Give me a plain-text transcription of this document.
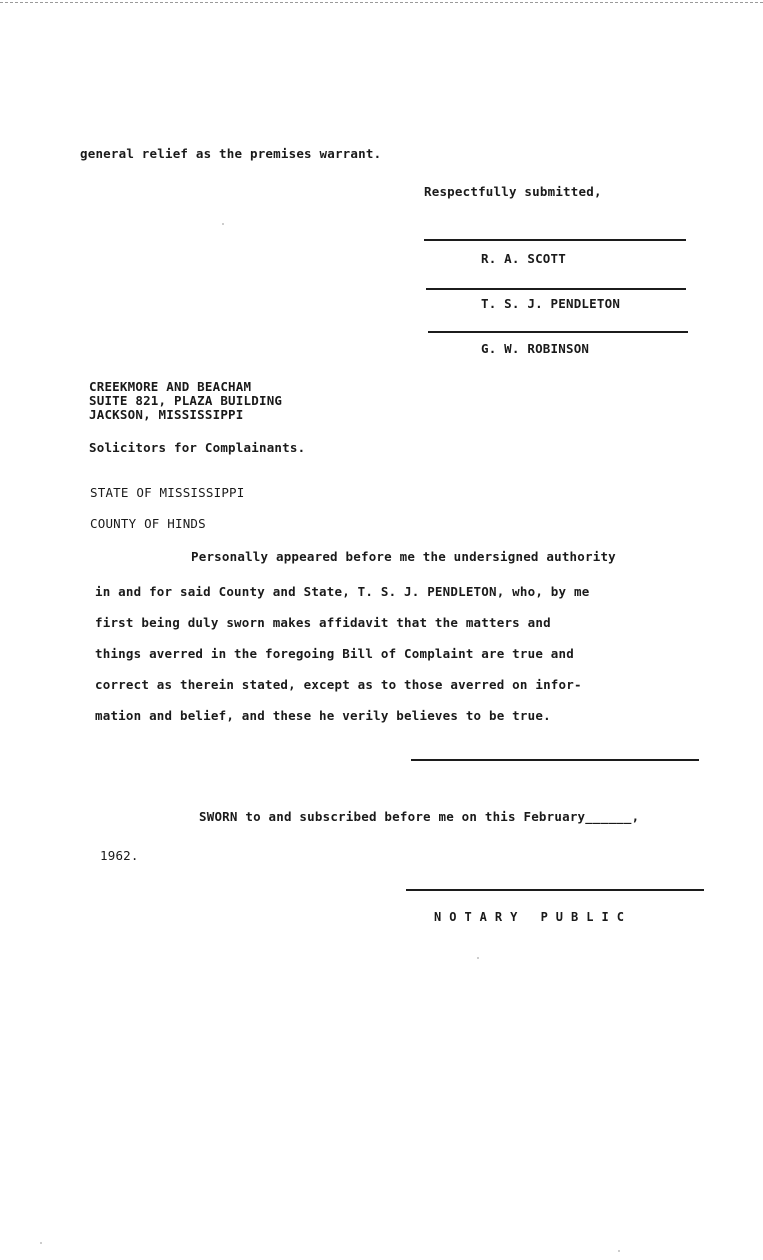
general relief as the premises warrant.
Respectfully submitted,
R. A. SCOTT
T. S. J. PENDLETON
G. W. ROBINSON
CREEKMORE AND BEACHAM
SUITE 821, PLAZA BUILDING
JACKSON, MISSISSIPPI
Solicitors for Complainants.
STATE OF MISSISSIPPI
COUNTY OF HINDS
Personally appeared before me the undersigned authority
in and for said County and State, T. S. J. PENDLETON, who, by me
first being duly sworn makes affidavit that the matters and
things averred in the foregoing Bill of Complaint are true and
correct as therein stated, except as to those averred on infor-
mation and belief, and these he verily believes to be true.
SWORN to and subscribed before me on this February______,
1962.
NOTARY PUBLIC
